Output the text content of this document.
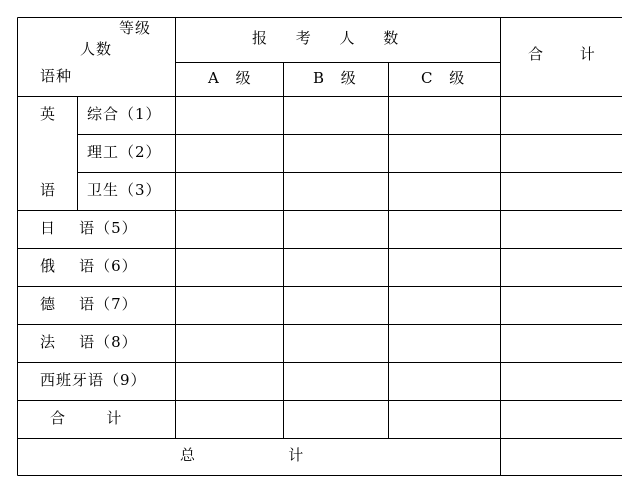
等级
人数
语种
报 考 人 数
合 计
A 级	B 级	C 级
英
语
综合（1）
理工（2）
卫生（3）
日    语（5）
俄    语（6）
德    语（7）
法    语（8）
西班牙语（9）
合       计
总                计
